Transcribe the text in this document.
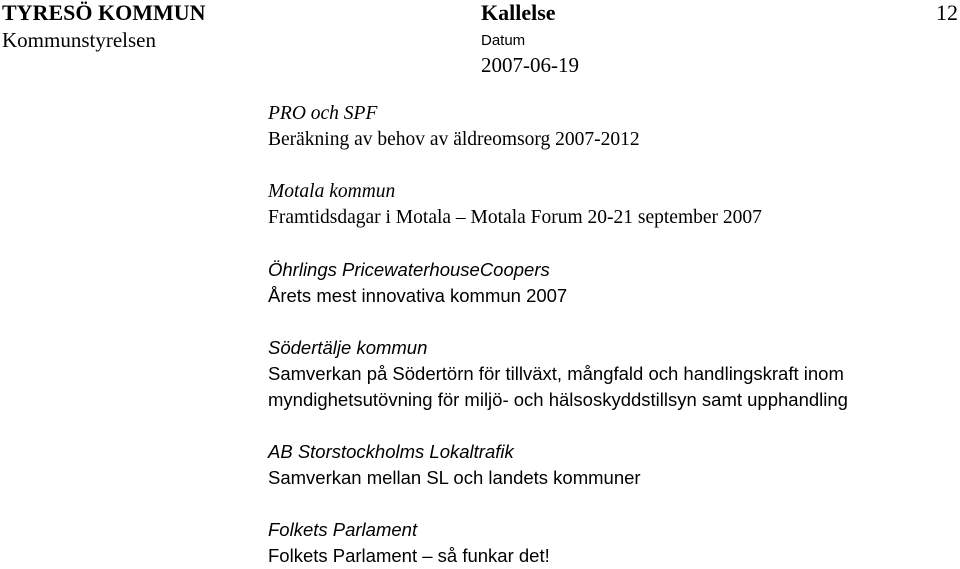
TYRESÖ KOMMUN
Kommunstyrelsen
Kallelse
Datum
2007-06-19
12
PRO och SPF
Beräkning av behov av äldreomsorg 2007-2012
Motala kommun
Framtidsdagar i Motala – Motala Forum 20-21 september 2007
Öhrlings PricewaterhouseCoopers
Årets mest innovativa kommun 2007
Södertälje kommun
Samverkan på Södertörn för tillväxt, mångfald och handlingskraft inom
myndighetsutövning för miljö- och hälsoskyddstillsyn samt upphandling
AB Storstockholms Lokaltrafik
Samverkan mellan SL och landets kommuner
Folkets Parlament
Folkets Parlament – så funkar det!
